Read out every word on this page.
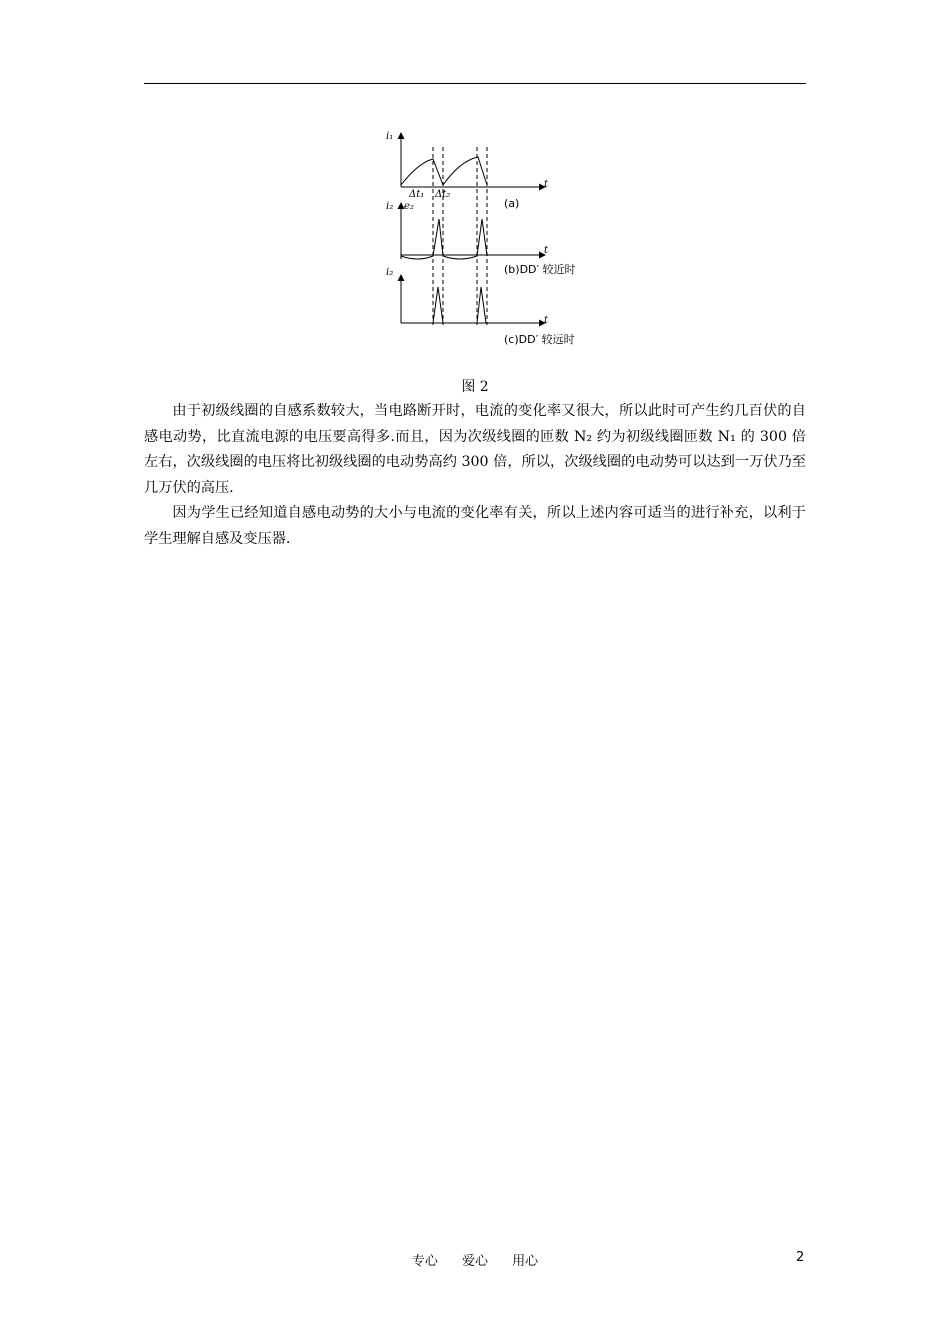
i₁
t
i₂ e₂
t
i₂
t
Δt₁ Δt₂
(a)
(b)DD′ 较近时
(c)DD′ 较远时
图 2

由于初级线圈的自感系数较大，当电路断开时，电流的变化率又很大，所以此时可产生约几百伏的自感电动势，比直流电源的电压要高得多.而且，因为次级线圈的匝数 N₂ 约为初级线圈匝数 N₁ 的 300 倍左右，次级线圈的电压将比初级线圈的电动势高约 300 倍，所以，次级线圈的电动势可以达到一万伏乃至几万伏的高压.

因为学生已经知道自感电动势的大小与电流的变化率有关，所以上述内容可适当的进行补充，以利于学生理解自感及变压器.

专心 爱心 用心	2
